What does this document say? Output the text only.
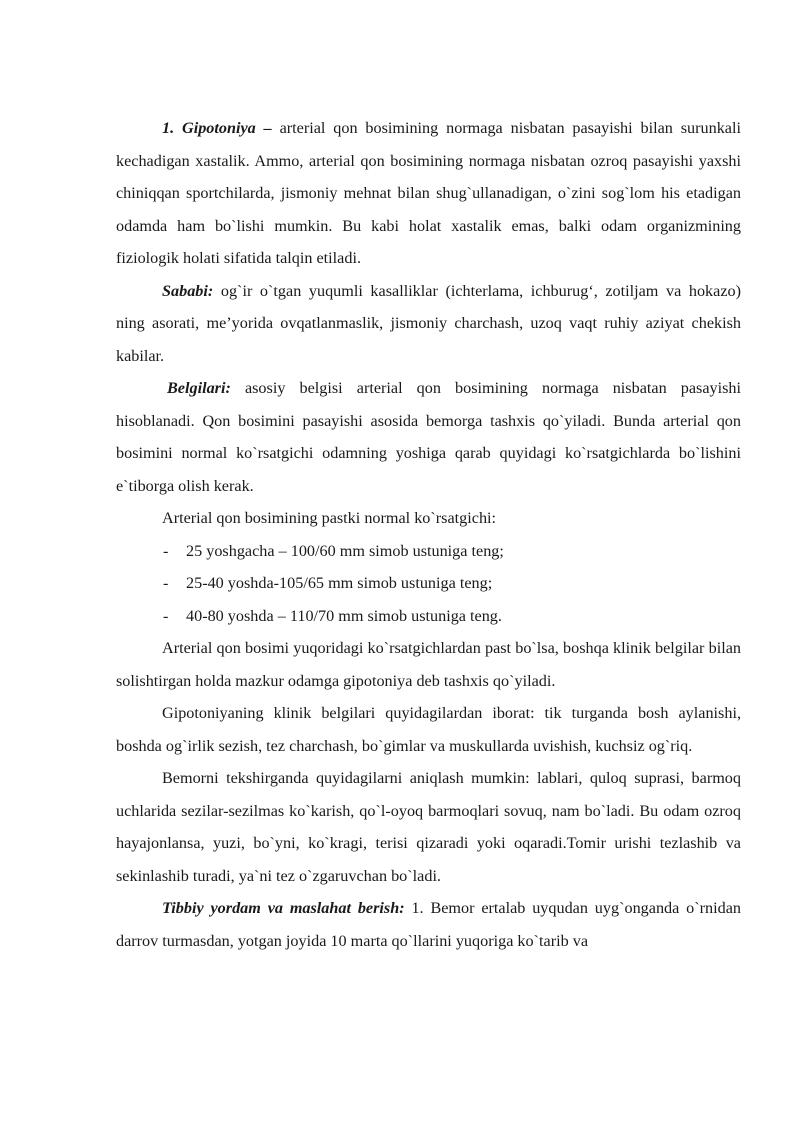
1. Gipotoniya – arterial qon bosimining normaga nisbatan pasayishi bilan surunkali kechadigan xastalik. Ammo, arterial qon bosimining normaga nisbatan ozroq pasayishi yaxshi chiniqqan sportchilarda, jismoniy mehnat bilan shug`ullanadigan, o`zini sog`lom his etadigan odamda ham bo`lishi mumkin. Bu kabi holat xastalik emas, balki odam organizmining fiziologik holati sifatida talqin etiladi.

Sababi: og`ir o`tgan yuqumli kasalliklar (ichterlama, ichburug‘, zotiljam va hokazo) ning asorati, me’yorida ovqatlanmaslik, jismoniy charchash, uzoq vaqt ruhiy aziyat chekish kabilar.

Belgilari: asosiy belgisi arterial qon bosimining normaga nisbatan pasayishi hisoblanadi. Qon bosimini pasayishi asosida bemorga tashxis qo`yiladi. Bunda arterial qon bosimini normal ko`rsatgichi odamning yoshiga qarab quyidagi ko`rsatgichlarda bo`lishini e`tiborga olish kerak.

Arterial qon bosimining pastki normal ko`rsatgichi:

- 25 yoshgacha – 100/60 mm simob ustuniga teng;
- 25-40 yoshda-105/65 mm simob ustuniga teng;
- 40-80 yoshda – 110/70 mm simob ustuniga teng.

Arterial qon bosimi yuqoridagi ko`rsatgichlardan past bo`lsa, boshqa klinik belgilar bilan solishtirgan holda mazkur odamga gipotoniya deb tashxis qo`yiladi.

Gipotoniyaning klinik belgilari quyidagilardan iborat: tik turganda bosh aylanishi, boshda og`irlik sezish, tez charchash, bo`gimlar va muskullarda uvishish, kuchsiz og`riq.

Bemorni tekshirganda quyidagilarni aniqlash mumkin: lablari, quloq suprasi, barmoq uchlarida sezilar-sezilmas ko`karish, qo`l-oyoq barmoqlari sovuq, nam bo`ladi. Bu odam ozroq hayajonlansa, yuzi, bo`yni, ko`kragi, terisi qizaradi yoki oqaradi.Tomir urishi tezlashib va sekinlashib turadi, ya`ni tez o`zgaruvchan bo`ladi.

Tibbiy yordam va maslahat berish: 1. Bemor ertalab uyqudan uyg`onganda o`rnidan darrov turmasdan, yotgan joyida 10 marta qo`llarini yuqoriga ko`tarib va
